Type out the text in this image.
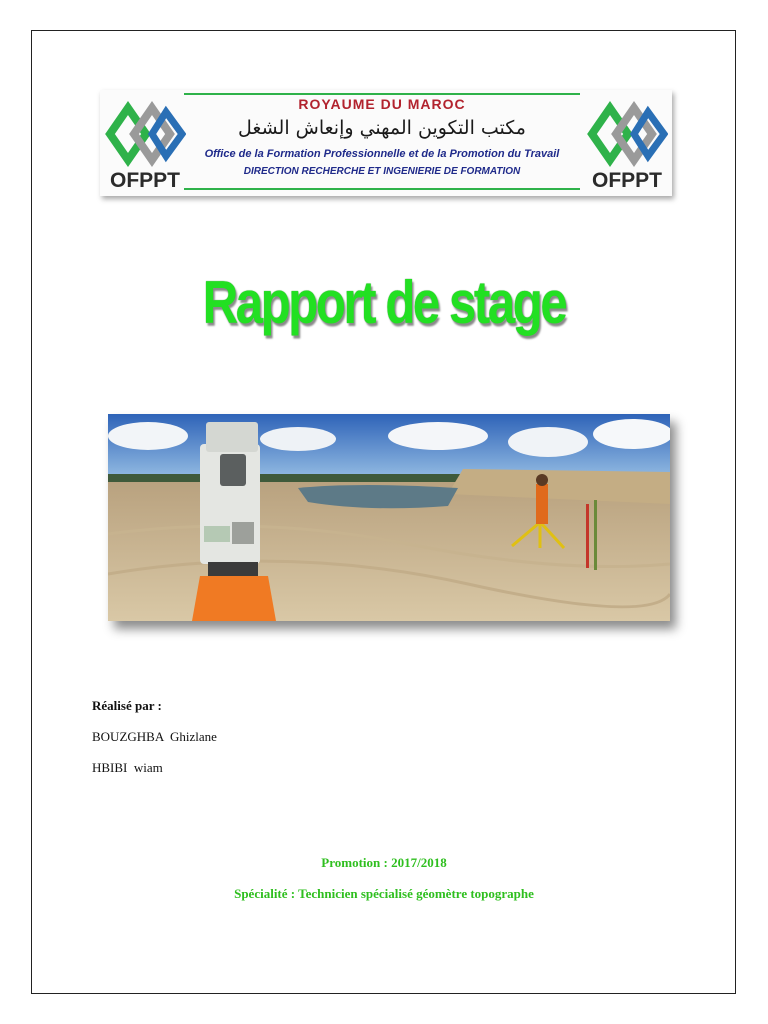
OFPPT
ROYAUME DU MAROC
مكتب التكوين المهني وإنعاش الشغل
Office de la Formation Professionnelle et de la Promotion du Travail
DIRECTION RECHERCHE ET INGENIERIE DE FORMATION	OFPPT
Rapport de stage
Réalisé par :
BOUZGHBA  Ghizlane
HBIBI  wiam
Promotion : 2017/2018
Spécialité : Technicien spécialisé géomètre topographe
